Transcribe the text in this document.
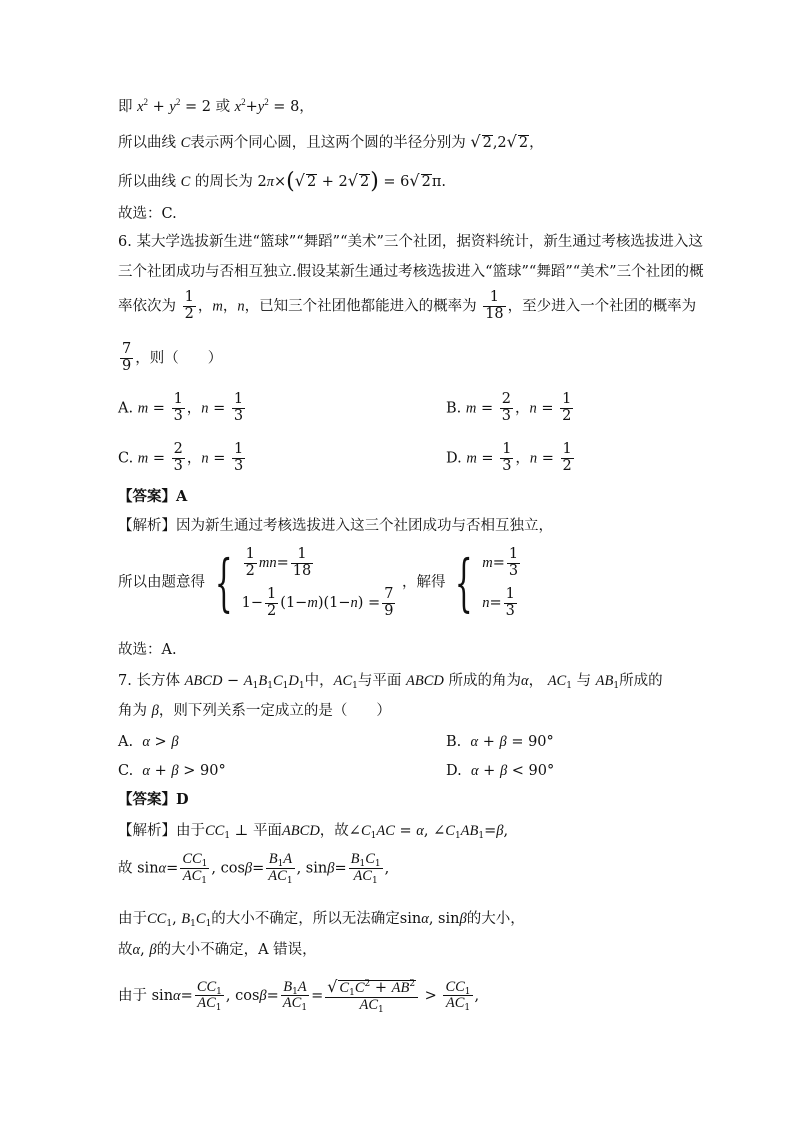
即 $x^2 + y^2 = 2$ 或 $x^2+y^2 = 8$，
所以曲线 C表示两个同心圆，且这两个圆的半径分别为 √ 2,2√ 2，
所以曲线 C 的周长为 2π×(√ 2 + 2√ 2) = 6√ 2π.
故选：C.
6. 某大学选拔新生进“篮球”“舞蹈”“美术”三个社团，据资料统计，新生通过考核选拔进入这
三个社团成功与否相互独立.假设某新生通过考核选拔进入“篮球”“舞蹈”“美术”三个社团的概
率依次为 $\frac{1}{2}$ ，m，n，已知三个社团他都能进入的概率为 $\frac{1}{18}$ ，至少进入一个社团的概率为
$\frac{7}{9}$ ，则（　　）
A. $m = \frac{1}{3}$ ，$n = \frac{1}{3}$	B. $m = \frac{2}{3}$ ，$n = \frac{1}{2}$
C. $m = \frac{2}{3}$ ，$n = \frac{1}{3}$	D. $m = \frac{1}{3}$ ，$n = \frac{1}{2}$
【答案】A
【解析】因为新生通过考核选拔进入这三个社团成功与否相互独立，
所以由题意得 { $\frac{1}{2}$ mn = $\frac{1}{18}$
$1- \frac{1}{2} (1- m$ )(1− n ) = $\frac{7}{9}$
，解得 { $m = \frac{1}{3}$
$n = \frac{1}{3}$
故选：A.
7. 长方体 ABCD − $A_1B_1C_1D_1$中，$AC_1$与平面 ABCD 所成的角为α， $AC_1$ 与 $AB_1$所成的
角为 β，则下列关系一定成立的是（　　）
A. α > β	B. α + β = 90°
C. α + β > 90°	D. α + β < 90°
【答案】D
【解析】由于$CC_1$ ⊥ 平面ABCD，故$\angle C_1AC = \alpha$, $\angle C_1AB_1=\beta$,
故 $\sin\alpha= \frac{CC_1}{AC_1}$ , $\cos\beta= \frac{B_1A}{AC_1}$ , $\sin\beta= \frac{B_1C_1}{AC_1}$ ,
由于$CC_1$, $B_1C_1$的大小不确定，所以无法确定sinα, sinβ的大小，
故α, β的大小不确定，A 错误，
由于 $\sin\alpha= \frac{CC_1}{AC_1}$ , $\cos\beta= \frac{B_1A}{AC_1} = \frac{√ C_1C^2 + AB^2}{AC_1} > \frac{CC_1}{AC_1}$ ,
